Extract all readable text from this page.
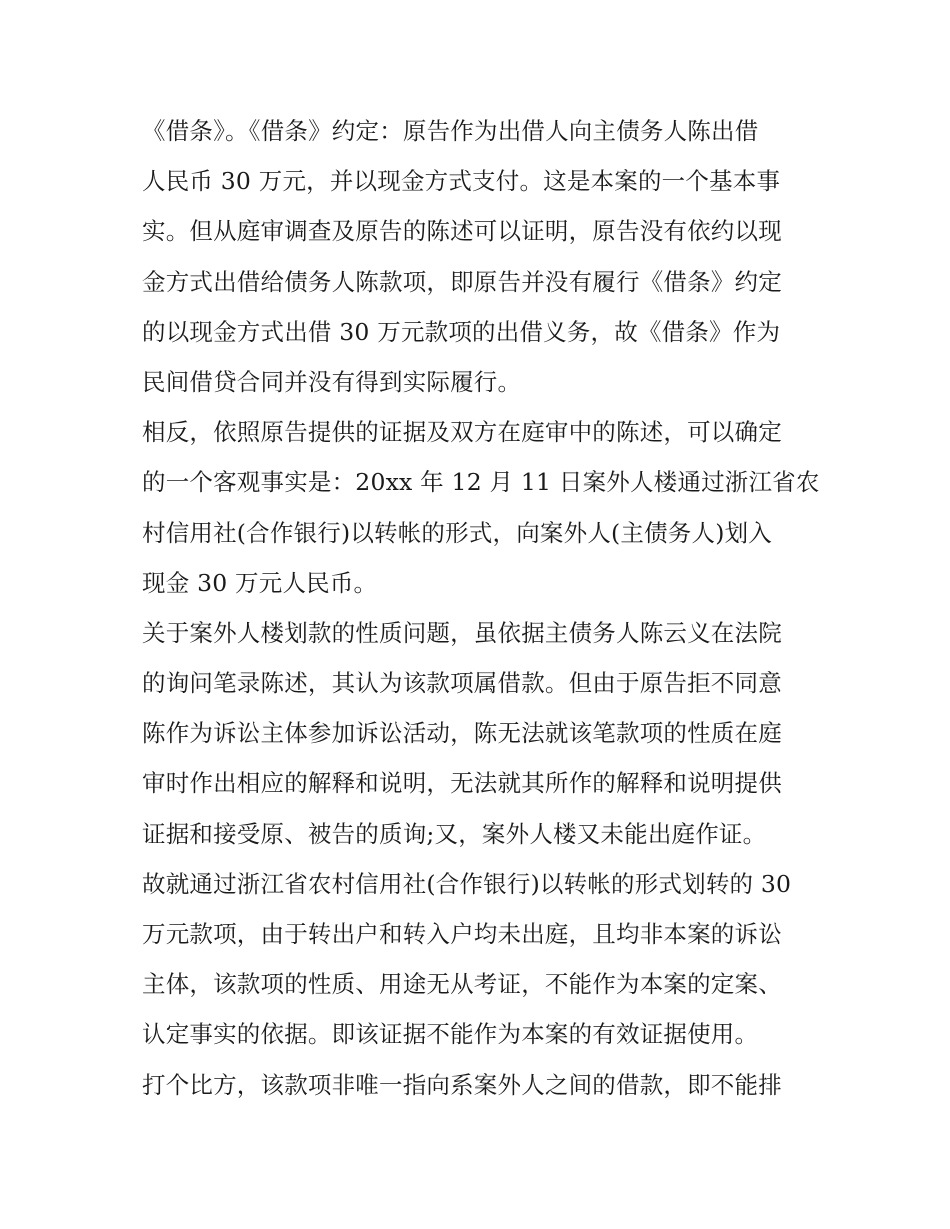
《借条》。《借条》约定：原告作为出借人向主债务人陈出借
人民币 30 万元，并以现金方式支付。这是本案的一个基本事
实。但从庭审调查及原告的陈述可以证明，原告没有依约以现
金方式出借给债务人陈款项，即原告并没有履行《借条》约定
的以现金方式出借 30 万元款项的出借义务，故《借条》作为
民间借贷合同并没有得到实际履行。
相反，依照原告提供的证据及双方在庭审中的陈述，可以确定
的一个客观事实是：20xx 年 12 月 11 日案外人楼通过浙江省农
村信用社(合作银行)以转帐的形式，向案外人(主债务人)划入
现金 30 万元人民币。
关于案外人楼划款的性质问题，虽依据主债务人陈云义在法院
的询问笔录陈述，其认为该款项属借款。但由于原告拒不同意
陈作为诉讼主体参加诉讼活动，陈无法就该笔款项的性质在庭
审时作出相应的解释和说明，无法就其所作的解释和说明提供
证据和接受原、被告的质询;又，案外人楼又未能出庭作证。
故就通过浙江省农村信用社(合作银行)以转帐的形式划转的 30
万元款项，由于转出户和转入户均未出庭，且均非本案的诉讼
主体，该款项的性质、用途无从考证，不能作为本案的定案、
认定事实的依据。即该证据不能作为本案的有效证据使用。
打个比方，该款项非唯一指向系案外人之间的借款，即不能排
